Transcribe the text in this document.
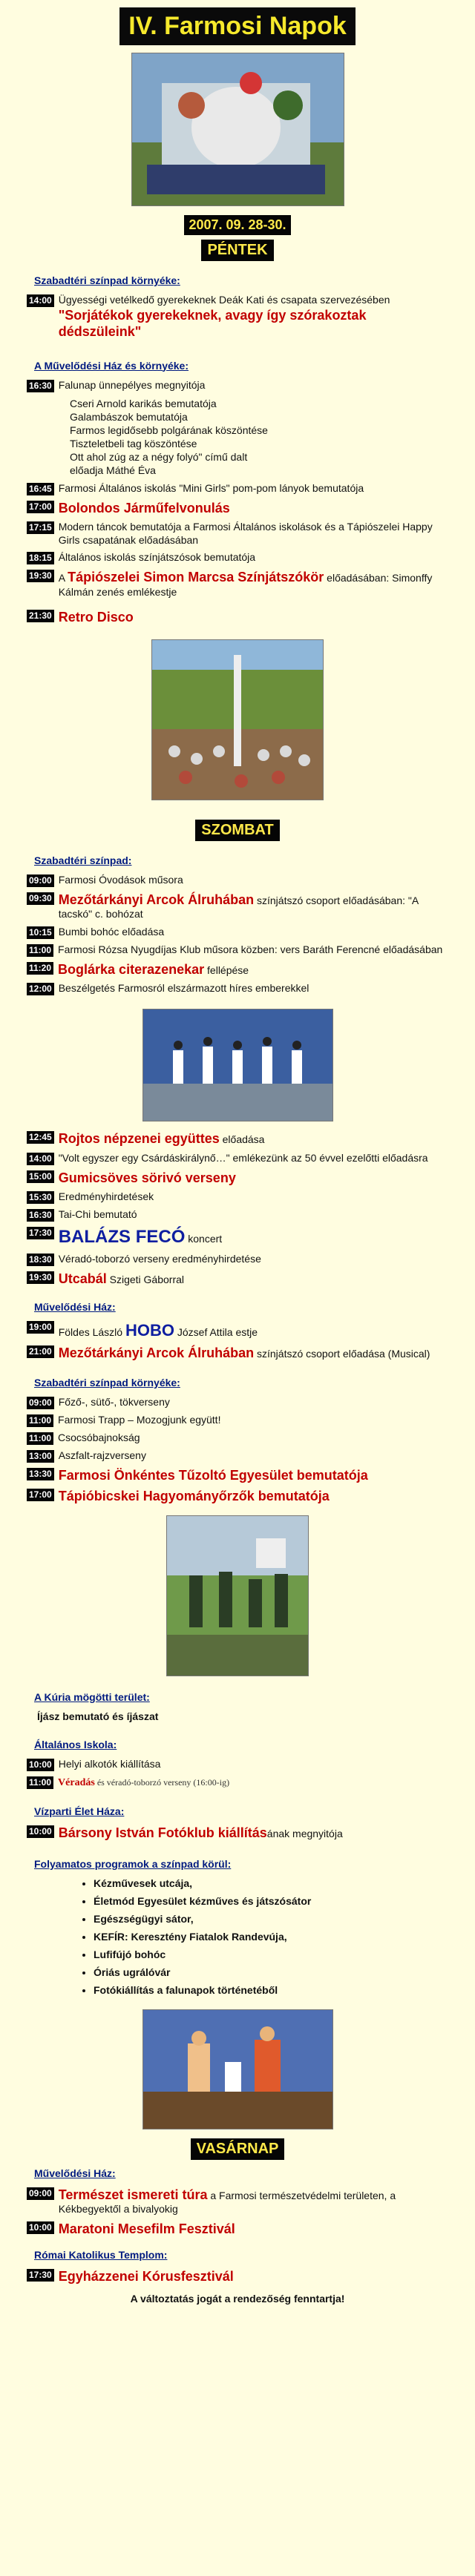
IV. Farmosi Napok
2007. 09. 28-30.
PÉNTEK
Szabadtéri színpad környéke:
14:00 Ügyességi vetélkedő gyerekeknek Deák Kati és csapata szervezésében "Sorjátékok gyerekeknek, avagy így szórakoztak dédszüleink"
A Művelődési Ház és környéke:
16:30 Falunap ünnepélyes megnyitója
Cseri Arnold karikás bemutatója
Galambászok bemutatója
Farmos legidősebb polgárának köszöntése
Tiszteletbeli tag köszöntése
Ott ahol zúg az a négy folyó" című dalt
előadja Máthé Éva
16:45 Farmosi Általános iskolás "Mini Girls" pom-pom lányok bemutatója
17:00 Bolondos Járműfelvonulás
17:15 Modern táncok bemutatója a Farmosi Általános iskolások és a Tápiószelei Happy Girls csapatának előadásában
18:15 Általános iskolás színjátszósok bemutatója
19:30 A Tápiószelei Simon Marcsa Színjátszókör előadásában: Simonffy Kálmán zenés emlékestje
21:30 Retro Disco
SZOMBAT
Szabadtéri színpad:
09:00 Farmosi Óvodások műsora
09:30 Mezőtárkányi Arcok Álruhában színjátszó csoport előadásában: "A tacskó" c. bohózat
10:15 Bumbi bohóc előadása
11:00 Farmosi Rózsa Nyugdíjas Klub műsora közben: vers Baráth Ferencné előadásában
11:20 Boglárka citerazenekar fellépése
12:00 Beszélgetés Farmosról elszármazott híres emberekkel
12:45 Rojtos népzenei együttes előadása
14:00 "Volt egyszer egy Csárdáskirálynő…" emlékezünk az 50 évvel ezelőtti előadásra
15:00 Gumicsöves sörivó verseny
15:30 Eredményhirdetések
16:30 Tai-Chi bemutató
17:30 BALÁZS FECÓ koncert
18:30 Véradó-toborzó verseny eredményhirdetése
19:30 Utcabál Szigeti Gáborral
Művelődési Ház:
19:00 Földes László HOBO József Attila estje
21:00 Mezőtárkányi Arcok Álruhában színjátszó csoport előadása (Musical)
Szabadtéri színpad környéke:
09:00 Főző-, sütő-, tökverseny
11:00 Farmosi Trapp – Mozogjunk együtt!
11:00 Csocsóbajnokság
13:00 Aszfalt-rajzverseny
13:30 Farmosi Önkéntes Tűzoltó Egyesület bemutatója
17:00 Tápióbicskei Hagyományőrzők bemutatója
A Kúria mögötti terület:
Íjász bemutató és íjászat
Általános Iskola:
10:00 Helyi alkotók kiállítása
11:00 Véradás és véradó-toborzó verseny (16:00-ig)
Vízparti Élet Háza:
10:00 Bársony István Fotóklub kiállításának megnyitója
Folyamatos programok a színpad körül:
• Kézművesek utcája,
• Életmód Egyesület kézműves és játszósátor
• Egészségügyi sátor,
• KEFÍR: Keresztény Fiatalok Randevúja,
• Lufifújó bohóc
• Óriás ugrálóvár
• Fotókiállítás a falunapok történetéből
VASÁRNAP
Művelődési Ház:
09:00 Természet ismereti túra a Farmosi természetvédelmi területen, a Kékbegyektől a bivalyokig
10:00 Maratoni Mesefilm Fesztivál
Római Katolikus Templom:
17:30 Egyházzenei Kórusfesztivál
A változtatás jogát a rendezőség fenntartja!
